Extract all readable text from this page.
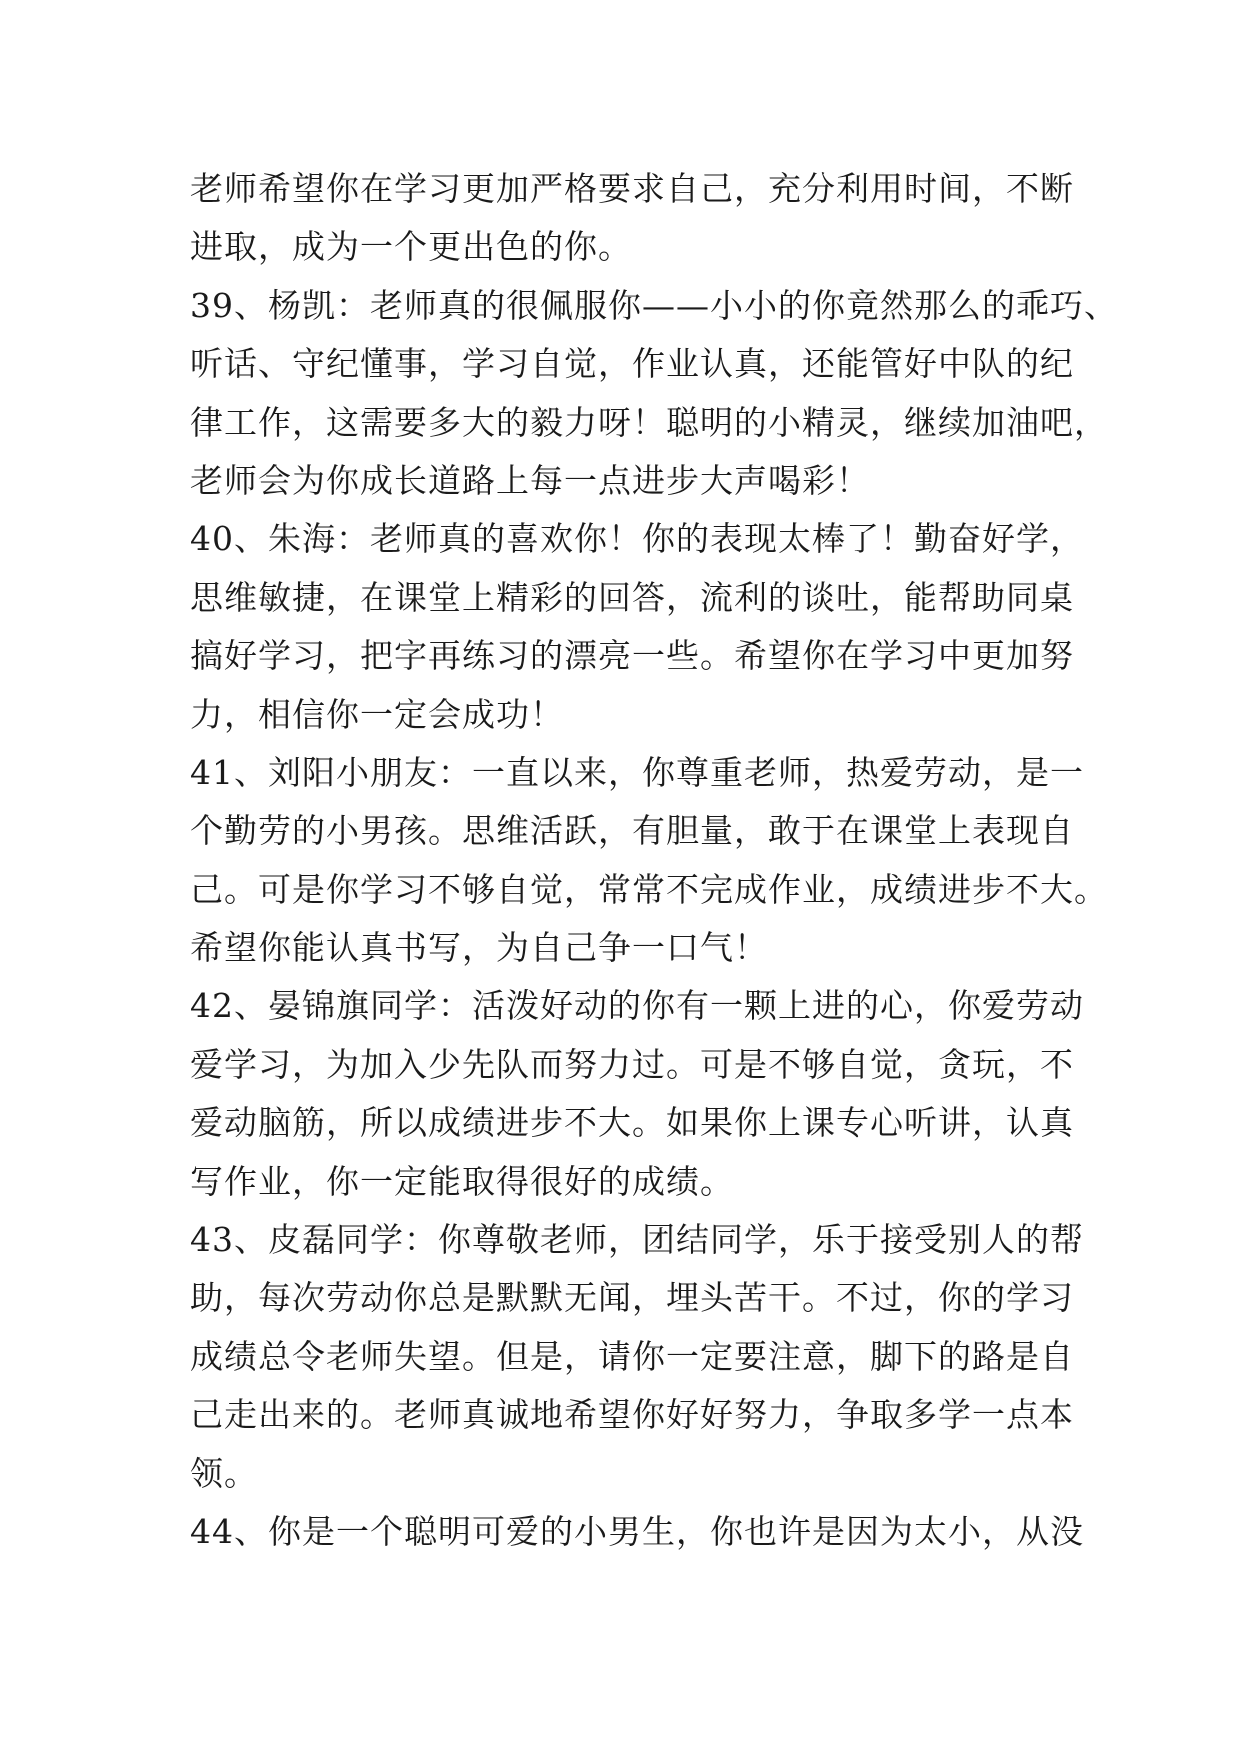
老师希望你在学习更加严格要求自己，充分利用时间，不断
进取，成为一个更出色的你。
39、杨凯：老师真的很佩服你——小小的你竟然那么的乖巧、
听话、守纪懂事，学习自觉，作业认真，还能管好中队的纪
律工作，这需要多大的毅力呀！聪明的小精灵，继续加油吧，
老师会为你成长道路上每一点进步大声喝彩！
40、朱海：老师真的喜欢你！你的表现太棒了！勤奋好学，
思维敏捷，在课堂上精彩的回答，流利的谈吐，能帮助同桌
搞好学习，把字再练习的漂亮一些。希望你在学习中更加努
力，相信你一定会成功！
41、刘阳小朋友：一直以来，你尊重老师，热爱劳动，是一
个勤劳的小男孩。思维活跃，有胆量，敢于在课堂上表现自
己。可是你学习不够自觉，常常不完成作业，成绩进步不大。
希望你能认真书写，为自己争一口气！
42、晏锦旗同学：活泼好动的你有一颗上进的心，你爱劳动
爱学习，为加入少先队而努力过。可是不够自觉，贪玩，不
爱动脑筋，所以成绩进步不大。如果你上课专心听讲，认真
写作业，你一定能取得很好的成绩。
43、皮磊同学：你尊敬老师，团结同学，乐于接受别人的帮
助，每次劳动你总是默默无闻，埋头苦干。不过，你的学习
成绩总令老师失望。但是，请你一定要注意，脚下的路是自
己走出来的。老师真诚地希望你好好努力，争取多学一点本
领。
44、你是一个聪明可爱的小男生，你也许是因为太小，从没
